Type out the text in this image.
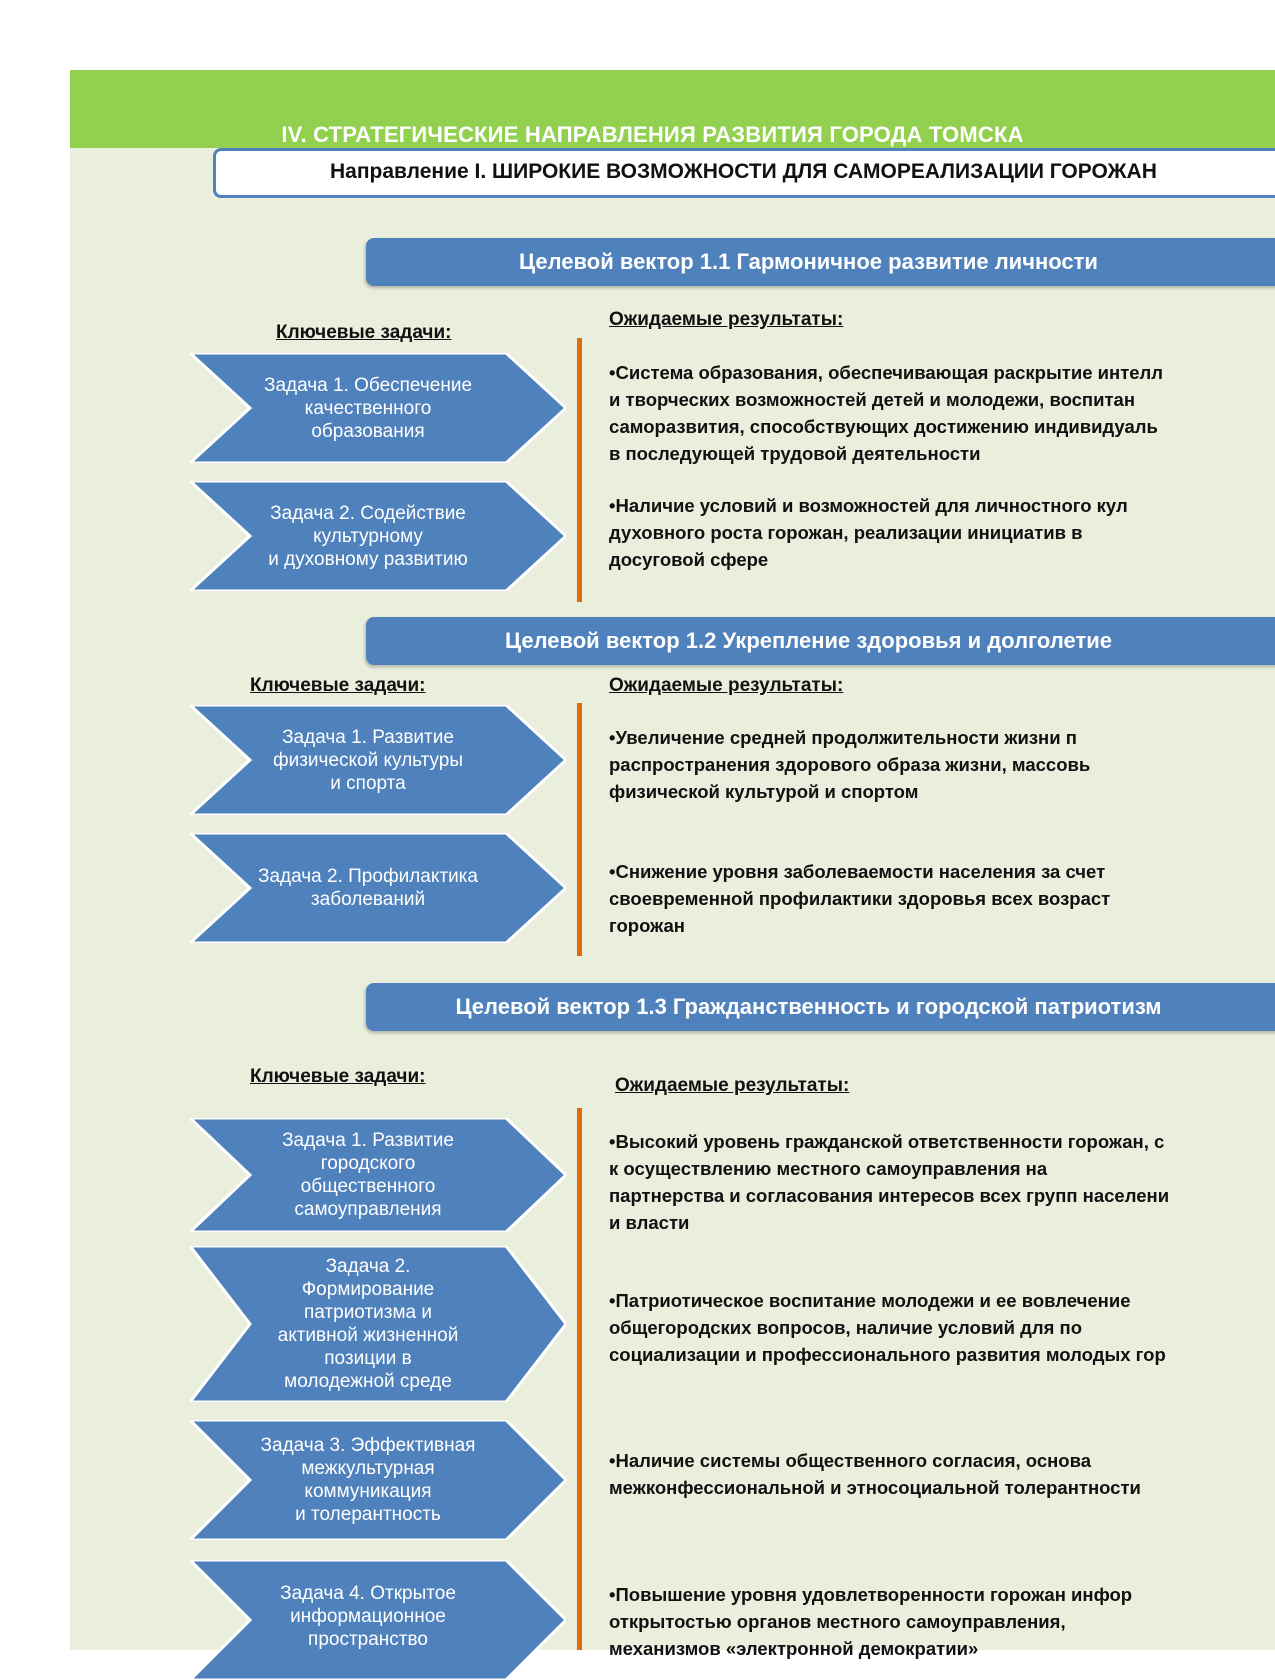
IV. СТРАТЕГИЧЕСКИЕ НАПРАВЛЕНИЯ РАЗВИТИЯ ГОРОДА ТОМСКА
Направление I. ШИРОКИЕ ВОЗМОЖНОСТИ ДЛЯ САМОРЕАЛИЗАЦИИ ГОРОЖАН
Целевой вектор 1.1 Гармоничное развитие личности
Ключевые задачи:
Ожидаемые результаты:
Задача 1. Обеспечение
качественного
образования
Задача 2. Содействие
культурному
и духовному развитию
•Система образования, обеспечивающая раскрытие интелл
и творческих возможностей детей и молодежи, воспитан
саморазвития, способствующих достижению индивидуаль
в последующей трудовой деятельности
•Наличие условий и возможностей для личностного кул
духовного роста горожан, реализации инициатив в
досуговой сфере
Целевой вектор 1.2 Укрепление здоровья и долголетие
Ключевые задачи:	Ожидаемые результаты:
Задача 1. Развитие
физической культуры
и спорта
Задача 2. Профилактика
заболеваний
•Увеличение средней продолжительности жизни п
распространения здорового образа жизни, массовь
физической культурой и спортом
•Снижение уровня заболеваемости населения за счет
своевременной профилактики здоровья всех возраст
горожан
Целевой вектор 1.3 Гражданственность и городской патриотизм
Ключевые задачи:	Ожидаемые результаты:
Задача 1. Развитие
городского
общественного
самоуправления
Задача 2.
Формирование
патриотизма и
активной жизненной
позиции в
молодежной среде
Задача 3. Эффективная
межкультурная
коммуникация
и толерантность
Задача 4. Открытое
информационное
пространство
•Высокий уровень гражданской ответственности горожан, с
к осуществлению местного самоуправления на
партнерства и согласования интересов всех групп населени
и власти
•Патриотическое воспитание молодежи и ее вовлечение
общегородских вопросов, наличие условий для по
социализации и профессионального развития молодых гор
•Наличие системы общественного согласия, основа
межконфессиональной и этносоциальной толерантности
•Повышение уровня удовлетворенности горожан инфор
открытостью органов местного самоуправления,
механизмов «электронной демократии»
